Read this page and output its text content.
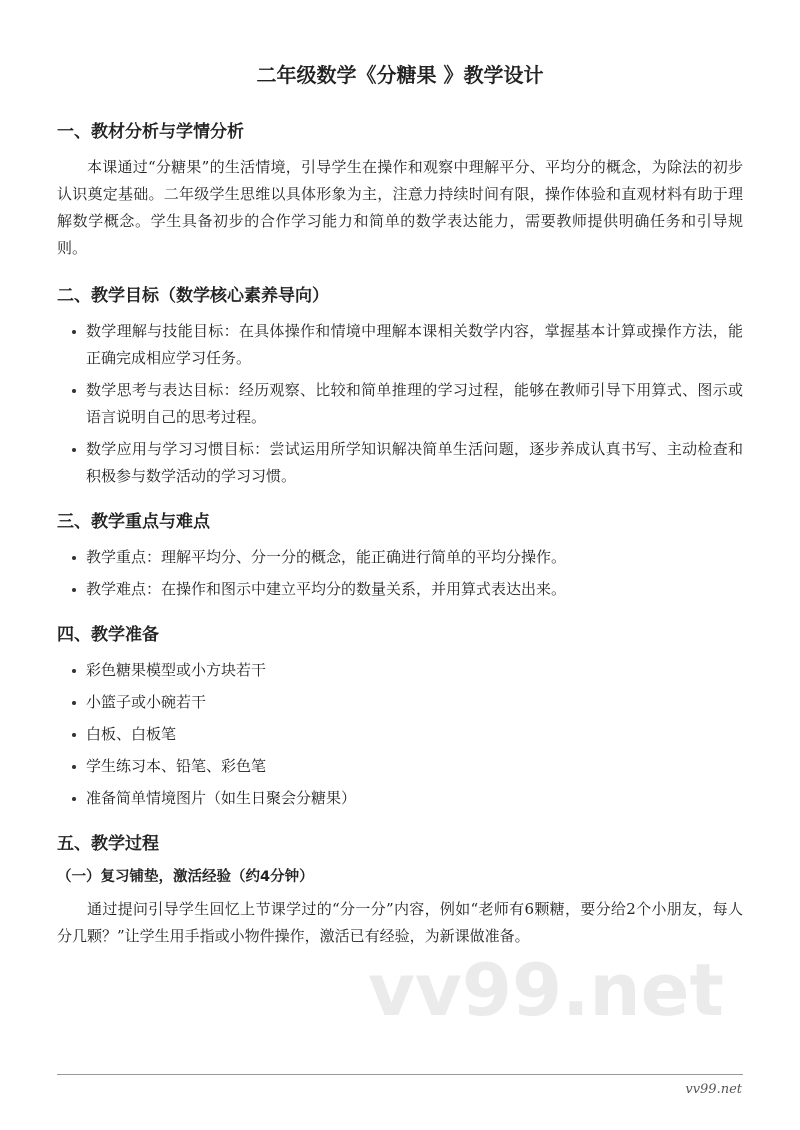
二年级数学《分糖果 》教学设计
一、教材分析与学情分析

本课通过“分糖果”的生活情境，引导学生在操作和观察中理解平分、平均分的概念，为除法的初步认识奠定基础。二年级学生思维以具体形象为主，注意力持续时间有限，操作体验和直观材料有助于理解数学概念。学生具备初步的合作学习能力和简单的数学表达能力，需要教师提供明确任务和引导规则。

二、教学目标（数学核心素养导向）
数学理解与技能目标：在具体操作和情境中理解本课相关数学内容，掌握基本计算或操作方法，能正确完成相应学习任务。
数学思考与表达目标：经历观察、比较和简单推理的学习过程，能够在教师引导下用算式、图示或语言说明自己的思考过程。
数学应用与学习习惯目标：尝试运用所学知识解决简单生活问题，逐步养成认真书写、主动检查和积极参与数学活动的学习习惯。
三、教学重点与难点
教学重点：理解平均分、分一分的概念，能正确进行简单的平均分操作。
教学难点：在操作和图示中建立平均分的数量关系，并用算式表达出来。
四、教学准备
彩色糖果模型或小方块若干
小篮子或小碗若干
白板、白板笔
学生练习本、铅笔、彩色笔
准备简单情境图片（如生日聚会分糖果）
五、教学过程
（一）复习铺垫，激活经验（约4分钟）

通过提问引导学生回忆上节课学过的“分一分”内容，例如“老师有6颗糖，要分给2个小朋友，每人分几颗？”让学生用手指或小物件操作，激活已有经验，为新课做准备。

vv99.net
vv99.net
